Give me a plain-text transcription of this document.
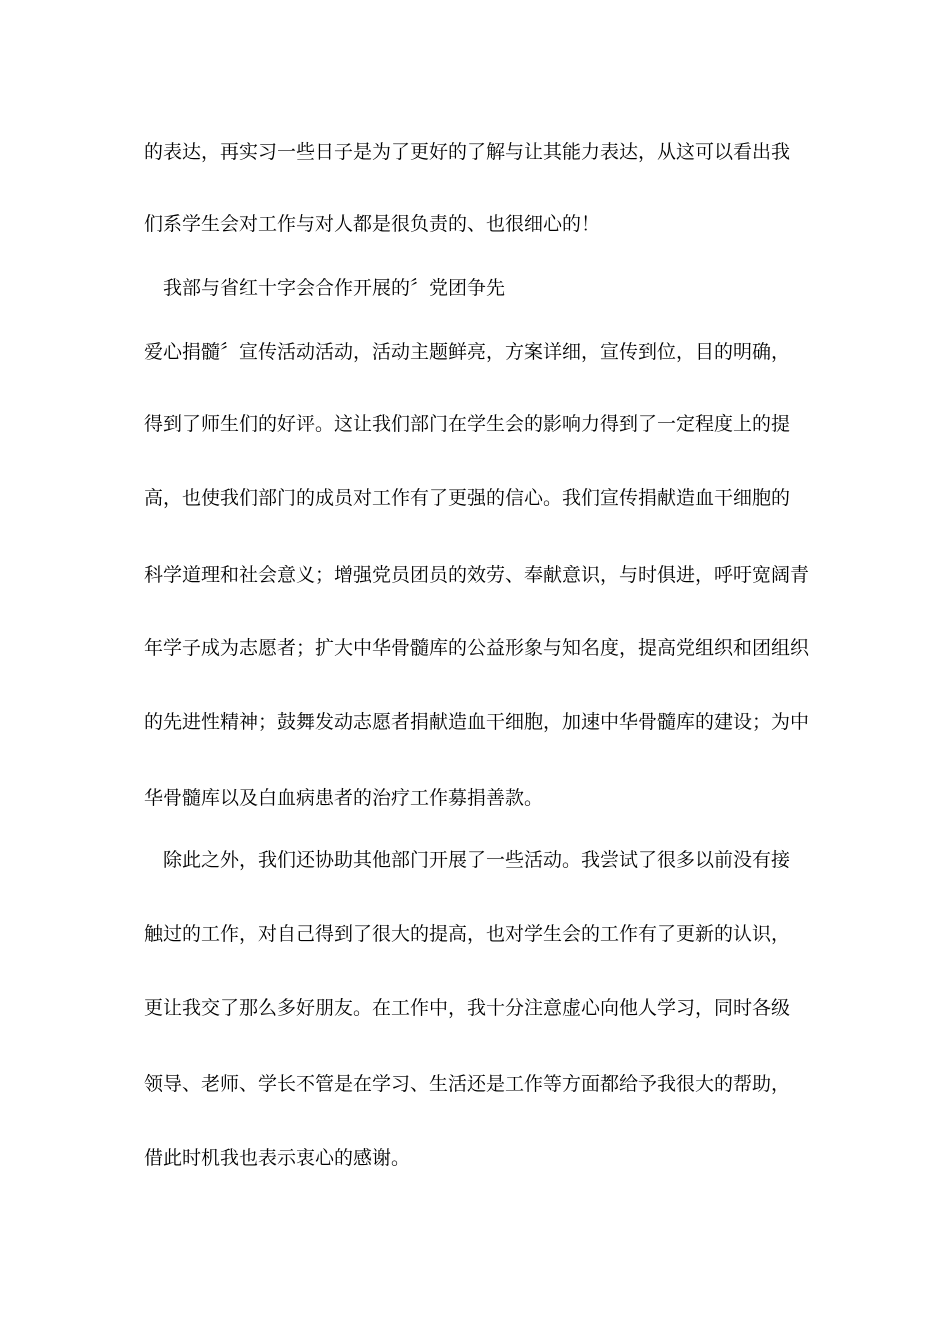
的表达，再实习一些日子是为了更好的了解与让其能力表达，从这可以看出我
们系学生会对工作与对人都是很负责的、也很细心的！
我部与省红十字会合作开展的〞党团争先
爱心捐髓〞宣传活动活动，活动主题鲜亮，方案详细，宣传到位，目的明确，
得到了师生们的好评。这让我们部门在学生会的影响力得到了一定程度上的提
高，也使我们部门的成员对工作有了更强的信心。我们宣传捐献造血干细胞的
科学道理和社会意义；增强党员团员的效劳、奉献意识，与时俱进，呼吁宽阔青
年学子成为志愿者；扩大中华骨髓库的公益形象与知名度，提高党组织和团组织
的先进性精神；鼓舞发动志愿者捐献造血干细胞，加速中华骨髓库的建设；为中
华骨髓库以及白血病患者的治疗工作募捐善款。
除此之外，我们还协助其他部门开展了一些活动。我尝试了很多以前没有接
触过的工作，对自己得到了很大的提高，也对学生会的工作有了更新的认识，
更让我交了那么多好朋友。在工作中，我十分注意虚心向他人学习，同时各级
领导、老师、学长不管是在学习、生活还是工作等方面都给予我很大的帮助，
借此时机我也表示衷心的感谢。
